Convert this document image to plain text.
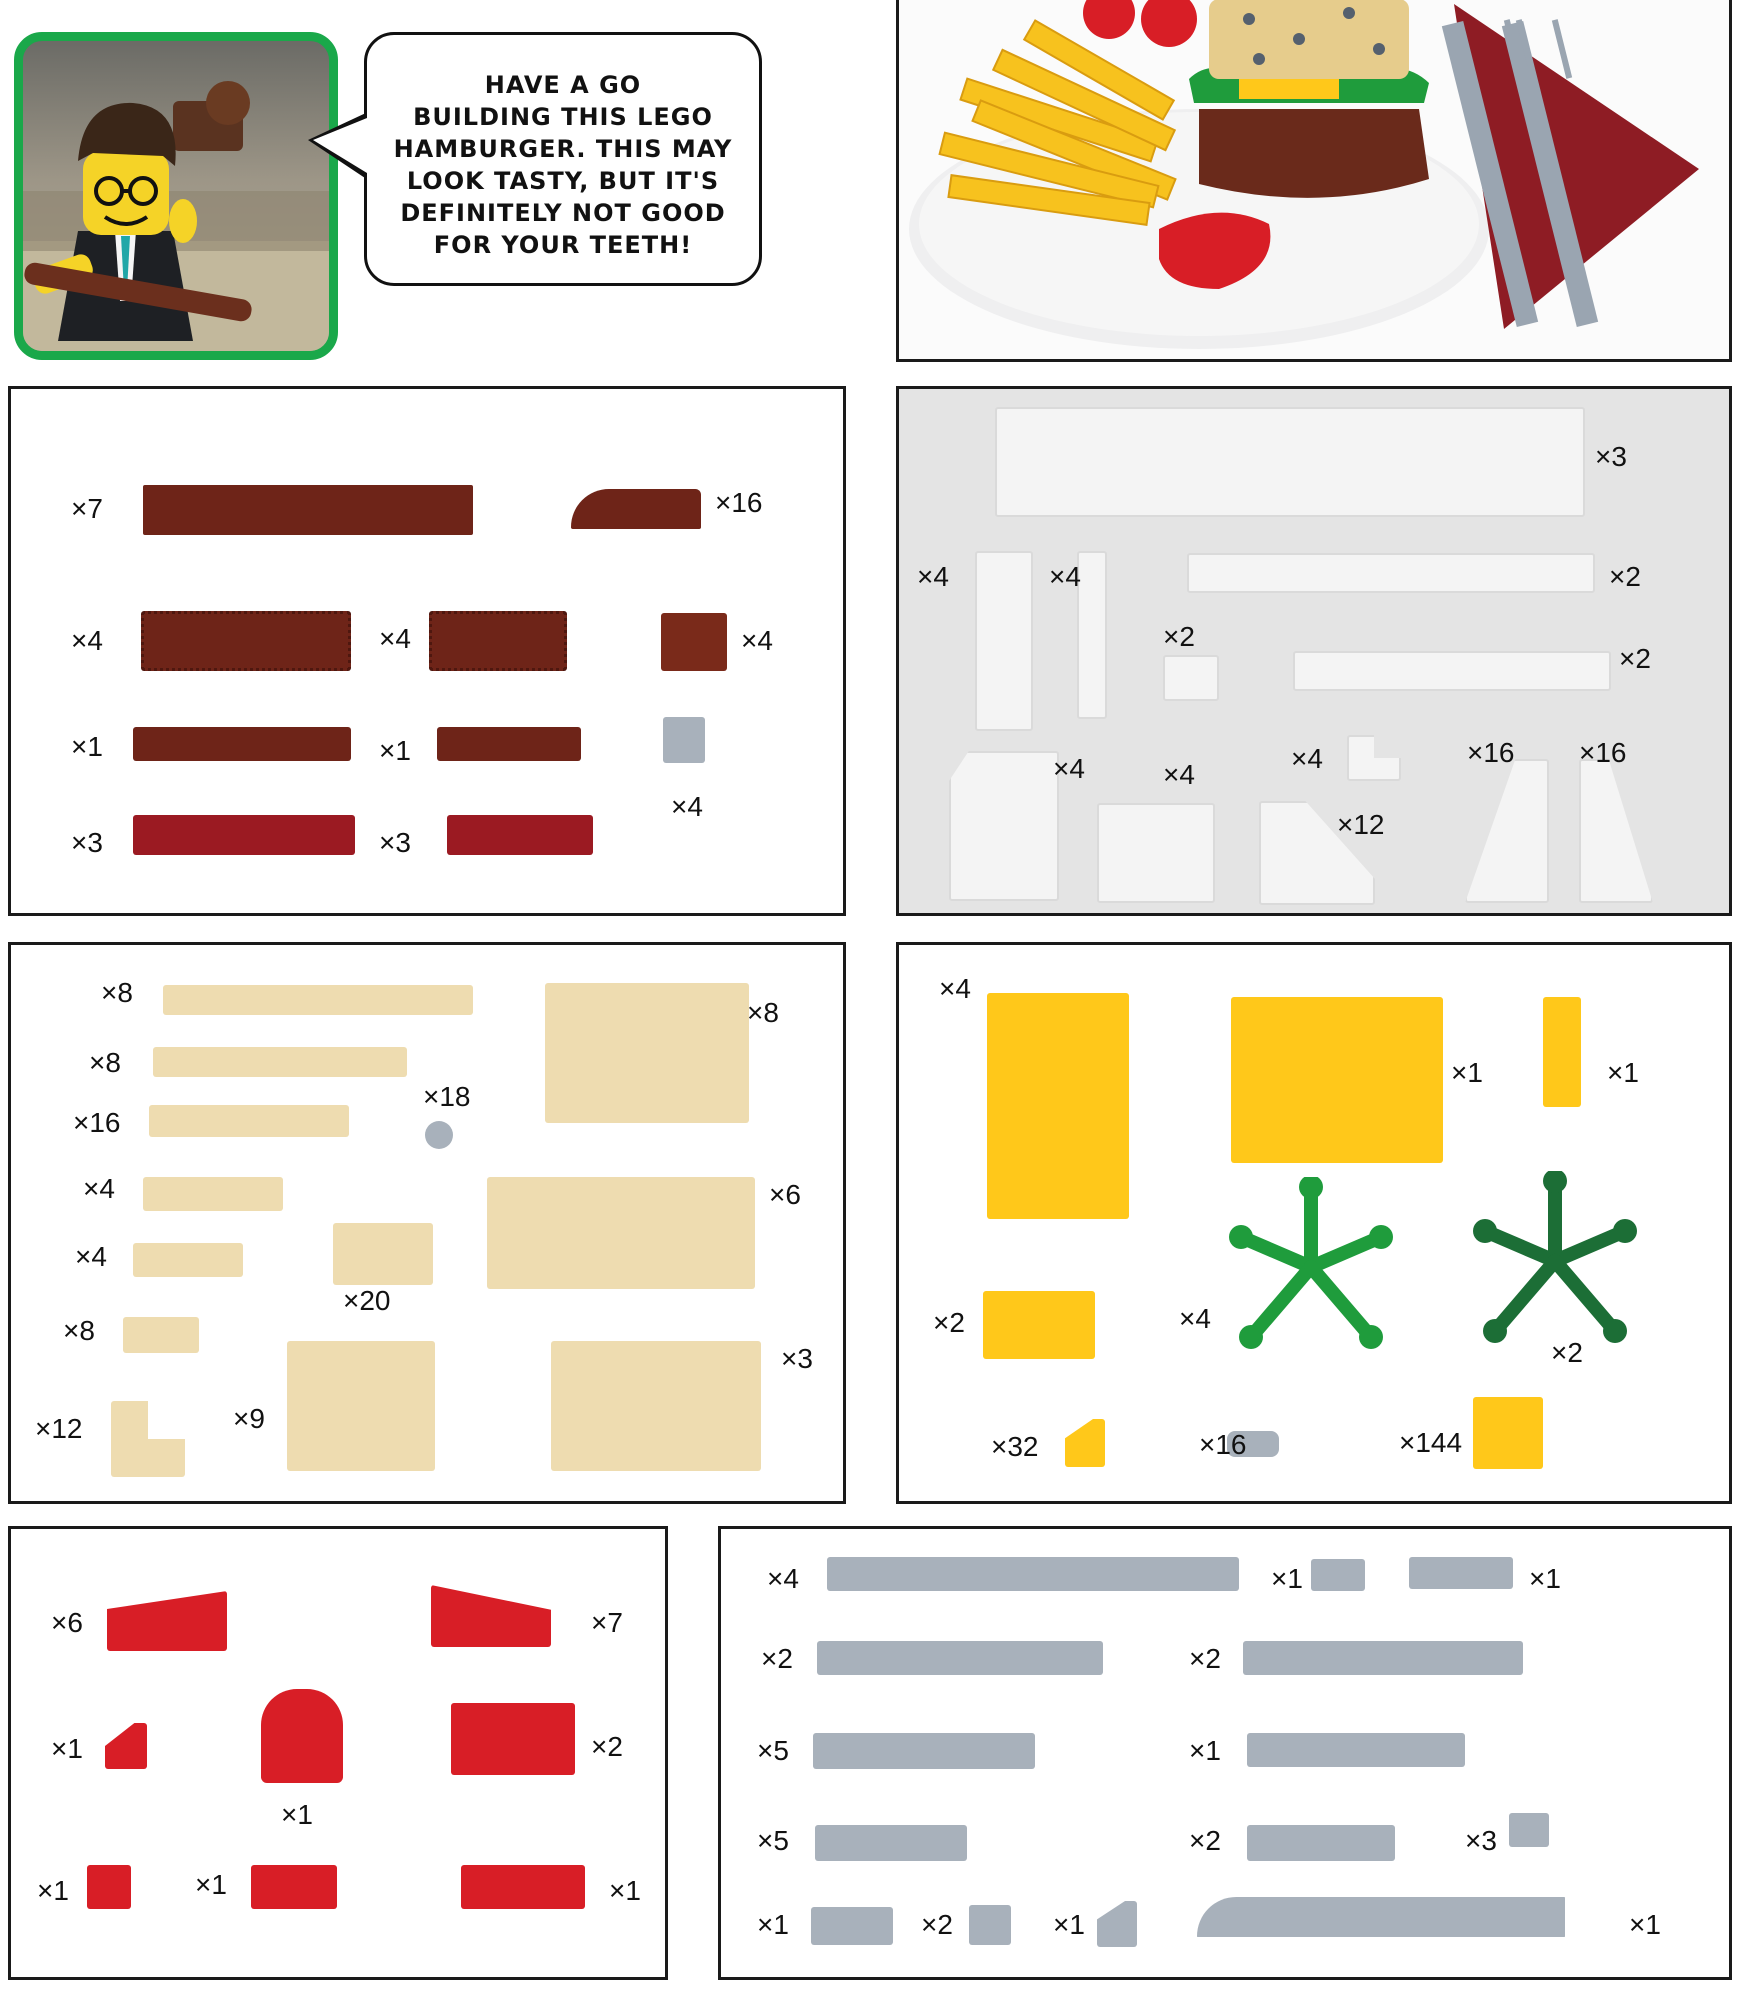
HAVE A GO
BUILDING THIS LEGO
HAMBURGER. THIS MAY
LOOK TASTY, BUT IT'S
DEFINITELY NOT GOOD
FOR YOUR TEETH!
×7	×16
×4	×4	×4
×1	×1
×4
×3	×3
×3
×4	×4	×2
×2
×2
×4	×4
×4	×16 ×16
×12
×8
×8
×8
×18
×16
×4	×6
×4
×20
×8
×3
×12	×9
×4
×1	×1
×2	×4
×2
×32	×16	×144
×6	×7
×1	×2
×1
×1	×1	×1
×4	×1	×1
×2	×2
×5	×1
×5	×2	×3
×1	×2	×1	×1
